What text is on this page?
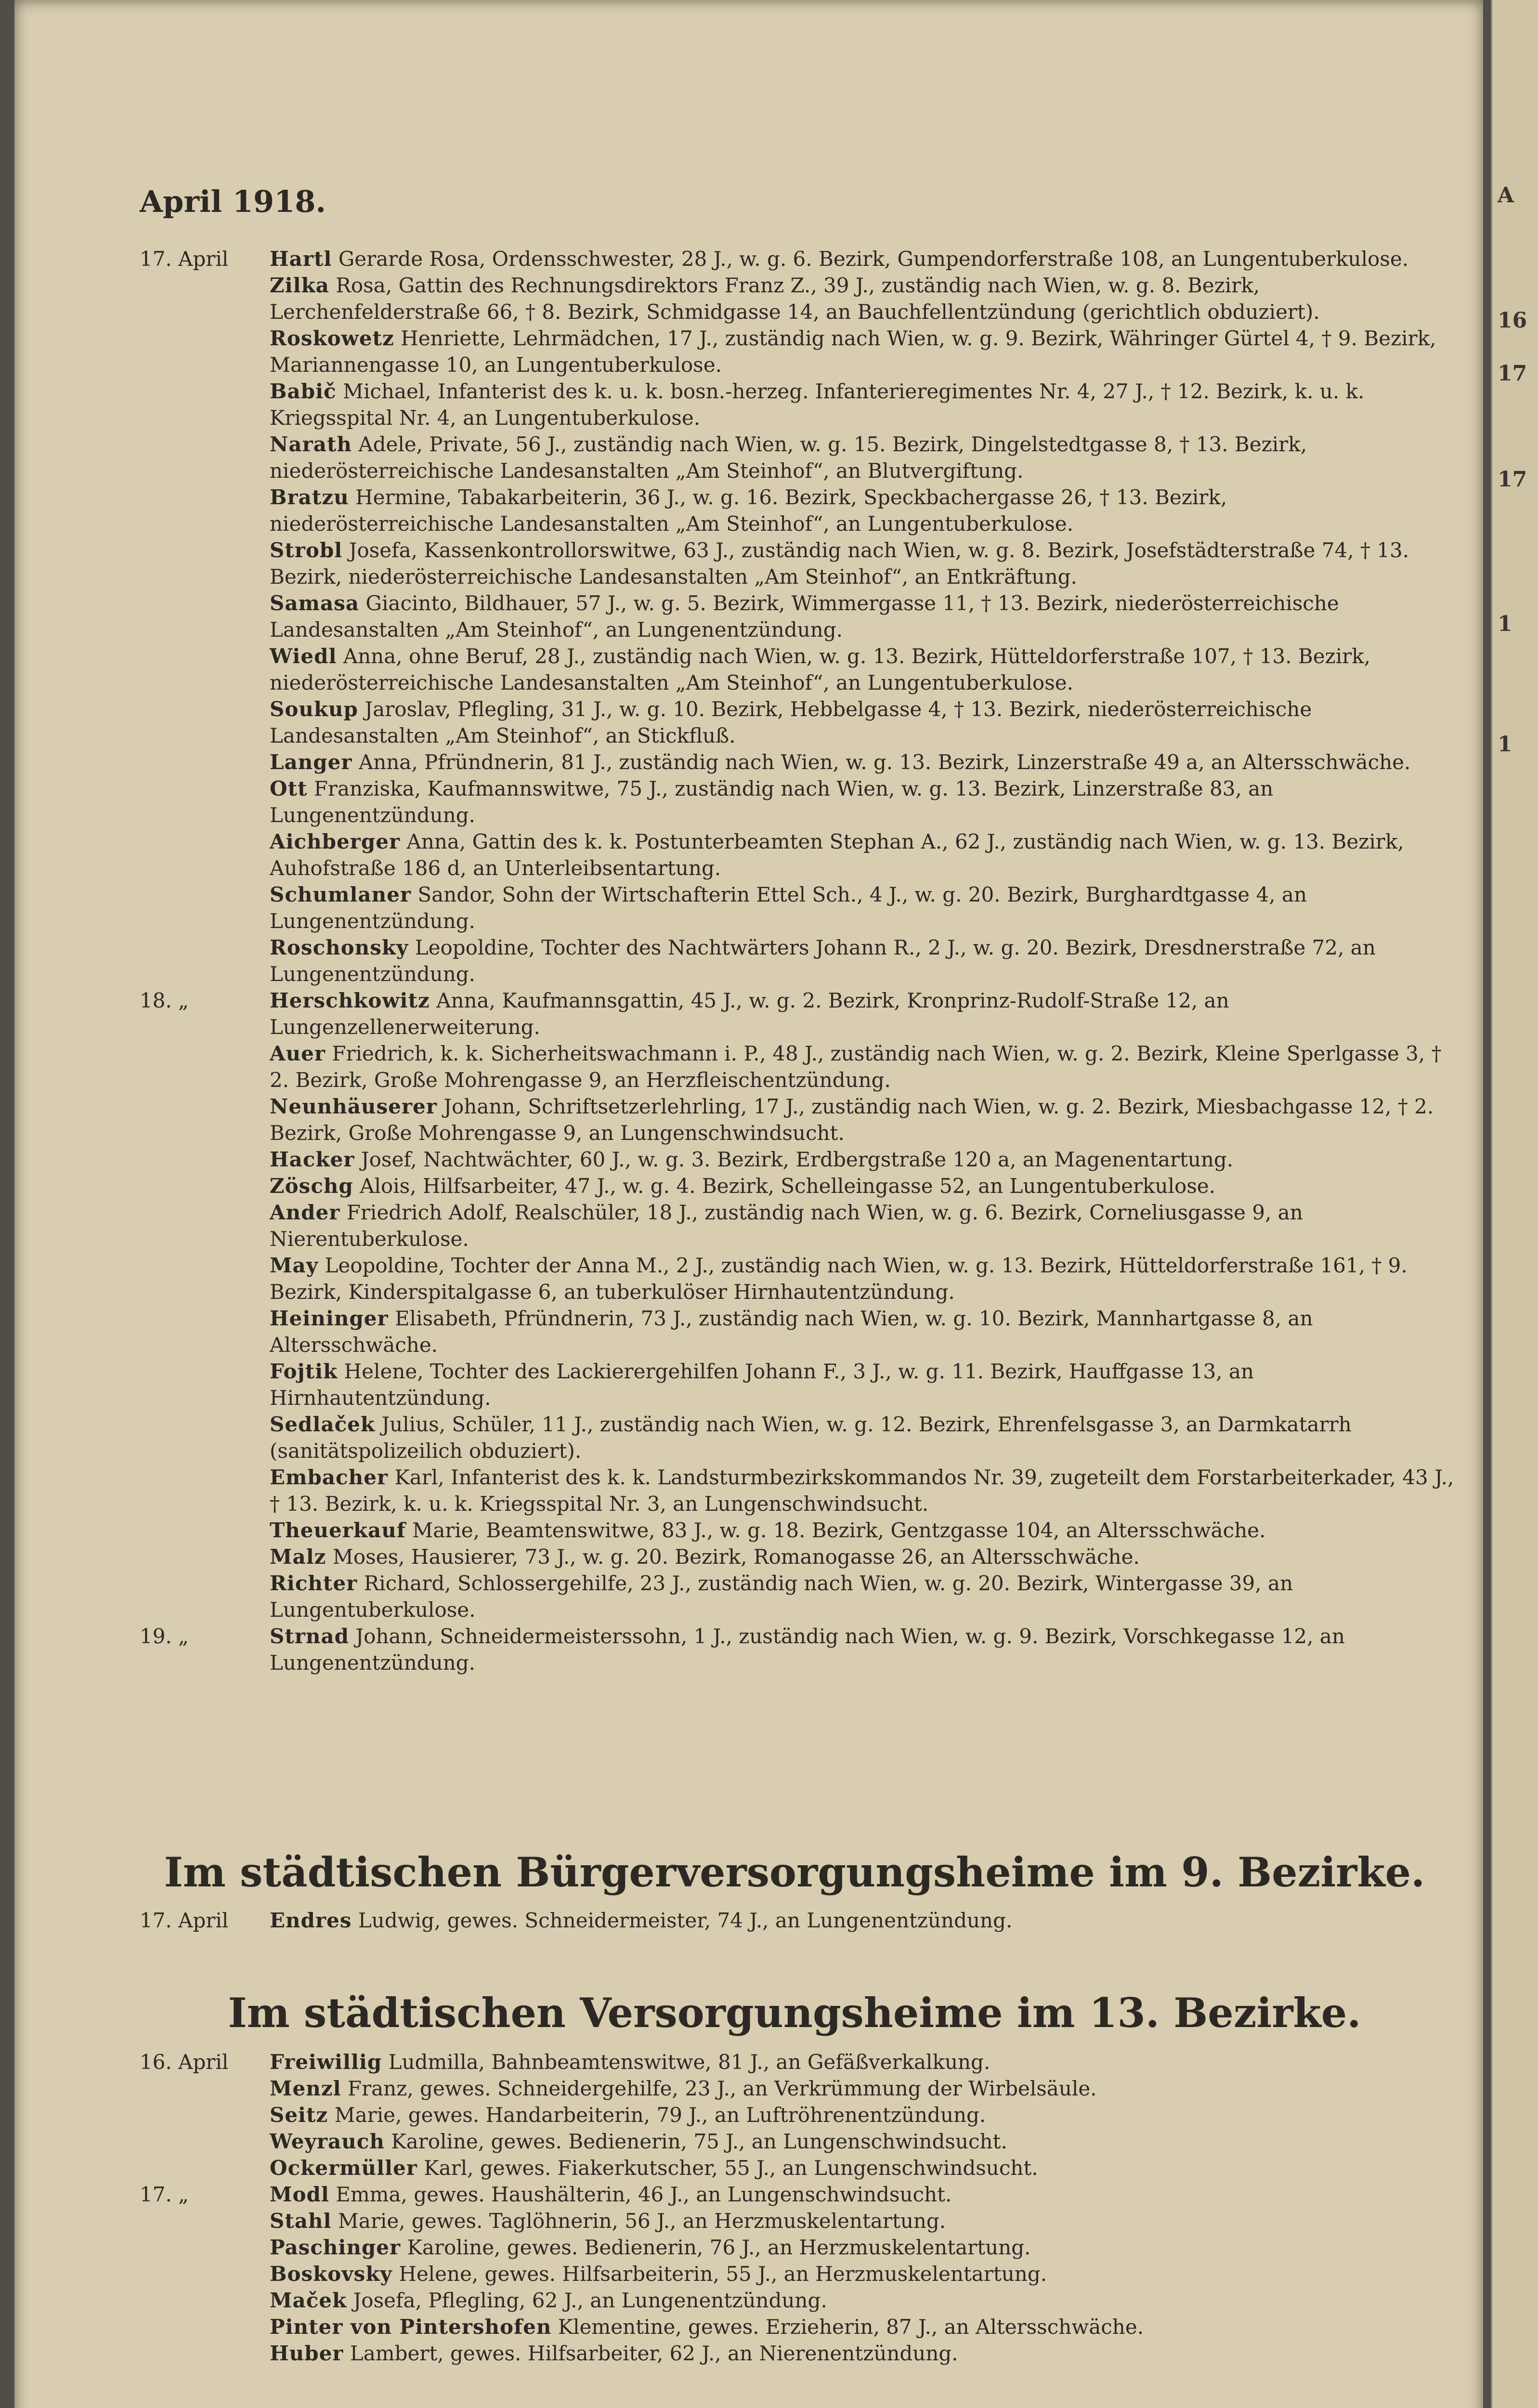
A
16
17
17
1
1
April 1918.
17. April	Hartl Gerarde Rosa, Ordensschwester, 28 J., w. g. 6. Bezirk, Gumpendorferstraße 108, an Lungentuberkulose.
Zilka Rosa, Gattin des Rechnungsdirektors Franz Z., 39 J., zuständig nach Wien, w. g. 8. Bezirk, Lerchenfelderstraße 66, † 8. Bezirk, Schmidgasse 14, an Bauchfellentzündung (gerichtlich obduziert).
Roskowetz Henriette, Lehrmädchen, 17 J., zuständig nach Wien, w. g. 9. Bezirk, Währinger Gürtel 4, † 9. Bezirk, Mariannengasse 10, an Lungentuberkulose.
Babič Michael, Infanterist des k. u. k. bosn.-herzeg. Infanterieregimentes Nr. 4, 27 J., † 12. Bezirk, k. u. k. Kriegsspital Nr. 4, an Lungentuberkulose.
Narath Adele, Private, 56 J., zuständig nach Wien, w. g. 15. Bezirk, Dingelstedtgasse 8, † 13. Bezirk, niederösterreichische Landesanstalten „Am Steinhof“, an Blutvergiftung.
Bratzu Hermine, Tabakarbeiterin, 36 J., w. g. 16. Bezirk, Speckbachergasse 26, † 13. Bezirk, niederösterreichische Landesanstalten „Am Steinhof“, an Lungentuberkulose.
Strobl Josefa, Kassenkontrollorswitwe, 63 J., zuständig nach Wien, w. g. 8. Bezirk, Josefstädterstraße 74, † 13. Bezirk, niederösterreichische Landesanstalten „Am Steinhof“, an Entkräftung.
Samasa Giacinto, Bildhauer, 57 J., w. g. 5. Bezirk, Wimmergasse 11, † 13. Bezirk, niederösterreichische Landesanstalten „Am Steinhof“, an Lungenentzündung.
Wiedl Anna, ohne Beruf, 28 J., zuständig nach Wien, w. g. 13. Bezirk, Hütteldorferstraße 107, † 13. Bezirk, niederösterreichische Landesanstalten „Am Steinhof“, an Lungentuberkulose.
Soukup Jaroslav, Pflegling, 31 J., w. g. 10. Bezirk, Hebbelgasse 4, † 13. Bezirk, niederösterreichische Landesanstalten „Am Steinhof“, an Stickfluß.
Langer Anna, Pfründnerin, 81 J., zuständig nach Wien, w. g. 13. Bezirk, Linzerstraße 49 a, an Altersschwäche.
Ott Franziska, Kaufmannswitwe, 75 J., zuständig nach Wien, w. g. 13. Bezirk, Linzerstraße 83, an Lungenentzündung.
Aichberger Anna, Gattin des k. k. Postunterbeamten Stephan A., 62 J., zuständig nach Wien, w. g. 13. Bezirk, Auhofstraße 186 d, an Unterleibsentartung.
Schumlaner Sandor, Sohn der Wirtschafterin Ettel Sch., 4 J., w. g. 20. Bezirk, Burghardtgasse 4, an Lungenentzündung.
Roschonsky Leopoldine, Tochter des Nachtwärters Johann R., 2 J., w. g. 20. Bezirk, Dresdnerstraße 72, an Lungenentzündung.
18. „	Herschkowitz Anna, Kaufmannsgattin, 45 J., w. g. 2. Bezirk, Kronprinz-Rudolf-Straße 12, an Lungenzellenerweiterung.
Auer Friedrich, k. k. Sicherheitswachmann i. P., 48 J., zuständig nach Wien, w. g. 2. Bezirk, Kleine Sperlgasse 3, † 2. Bezirk, Große Mohrengasse 9, an Herzfleischentzündung.
Neunhäuserer Johann, Schriftsetzerlehrling, 17 J., zuständig nach Wien, w. g. 2. Bezirk, Miesbachgasse 12, † 2. Bezirk, Große Mohrengasse 9, an Lungenschwindsucht.
Hacker Josef, Nachtwächter, 60 J., w. g. 3. Bezirk, Erdbergstraße 120 a, an Magenentartung.
Zöschg Alois, Hilfsarbeiter, 47 J., w. g. 4. Bezirk, Schelleingasse 52, an Lungentuberkulose.
Ander Friedrich Adolf, Realschüler, 18 J., zuständig nach Wien, w. g. 6. Bezirk, Corneliusgasse 9, an Nierentuberkulose.
May Leopoldine, Tochter der Anna M., 2 J., zuständig nach Wien, w. g. 13. Bezirk, Hütteldorferstraße 161, † 9. Bezirk, Kinderspitalgasse 6, an tuberkulöser Hirnhautentzündung.
Heininger Elisabeth, Pfründnerin, 73 J., zuständig nach Wien, w. g. 10. Bezirk, Mannhartgasse 8, an Altersschwäche.
Fojtik Helene, Tochter des Lackierergehilfen Johann F., 3 J., w. g. 11. Bezirk, Hauffgasse 13, an Hirnhautentzündung.
Sedlaček Julius, Schüler, 11 J., zuständig nach Wien, w. g. 12. Bezirk, Ehrenfelsgasse 3, an Darmkatarrh (sanitätspolizeilich obduziert).
Embacher Karl, Infanterist des k. k. Landsturmbezirkskommandos Nr. 39, zugeteilt dem Forstarbeiterkader, 43 J., † 13. Bezirk, k. u. k. Kriegsspital Nr. 3, an Lungenschwindsucht.
Theuerkauf Marie, Beamtenswitwe, 83 J., w. g. 18. Bezirk, Gentzgasse 104, an Altersschwäche.
Malz Moses, Hausierer, 73 J., w. g. 20. Bezirk, Romanogasse 26, an Altersschwäche.
Richter Richard, Schlossergehilfe, 23 J., zuständig nach Wien, w. g. 20. Bezirk, Wintergasse 39, an Lungentuberkulose.
19. „	Strnad Johann, Schneidermeisterssohn, 1 J., zuständig nach Wien, w. g. 9. Bezirk, Vorschkegasse 12, an Lungenentzündung.
Im städtischen Bürgerversorgungsheime im 9. Bezirke.
17. April	Endres Ludwig, gewes. Schneidermeister, 74 J., an Lungenentzündung.
Im städtischen Versorgungsheime im 13. Bezirke.
16. April	Freiwillig Ludmilla, Bahnbeamtenswitwe, 81 J., an Gefäßverkalkung.
Menzl Franz, gewes. Schneidergehilfe, 23 J., an Verkrümmung der Wirbelsäule.
Seitz Marie, gewes. Handarbeiterin, 79 J., an Luftröhrenentzündung.
Weyrauch Karoline, gewes. Bedienerin, 75 J., an Lungenschwindsucht.
Ockermüller Karl, gewes. Fiakerkutscher, 55 J., an Lungenschwindsucht.
17. „	Modl Emma, gewes. Haushälterin, 46 J., an Lungenschwindsucht.
Stahl Marie, gewes. Taglöhnerin, 56 J., an Herzmuskelentartung.
Paschinger Karoline, gewes. Bedienerin, 76 J., an Herzmuskelentartung.
Boskovsky Helene, gewes. Hilfsarbeiterin, 55 J., an Herzmuskelentartung.
Maček Josefa, Pflegling, 62 J., an Lungenentzündung.
Pinter von Pintershofen Klementine, gewes. Erzieherin, 87 J., an Altersschwäche.
Huber Lambert, gewes. Hilfsarbeiter, 62 J., an Nierenentzündung.
